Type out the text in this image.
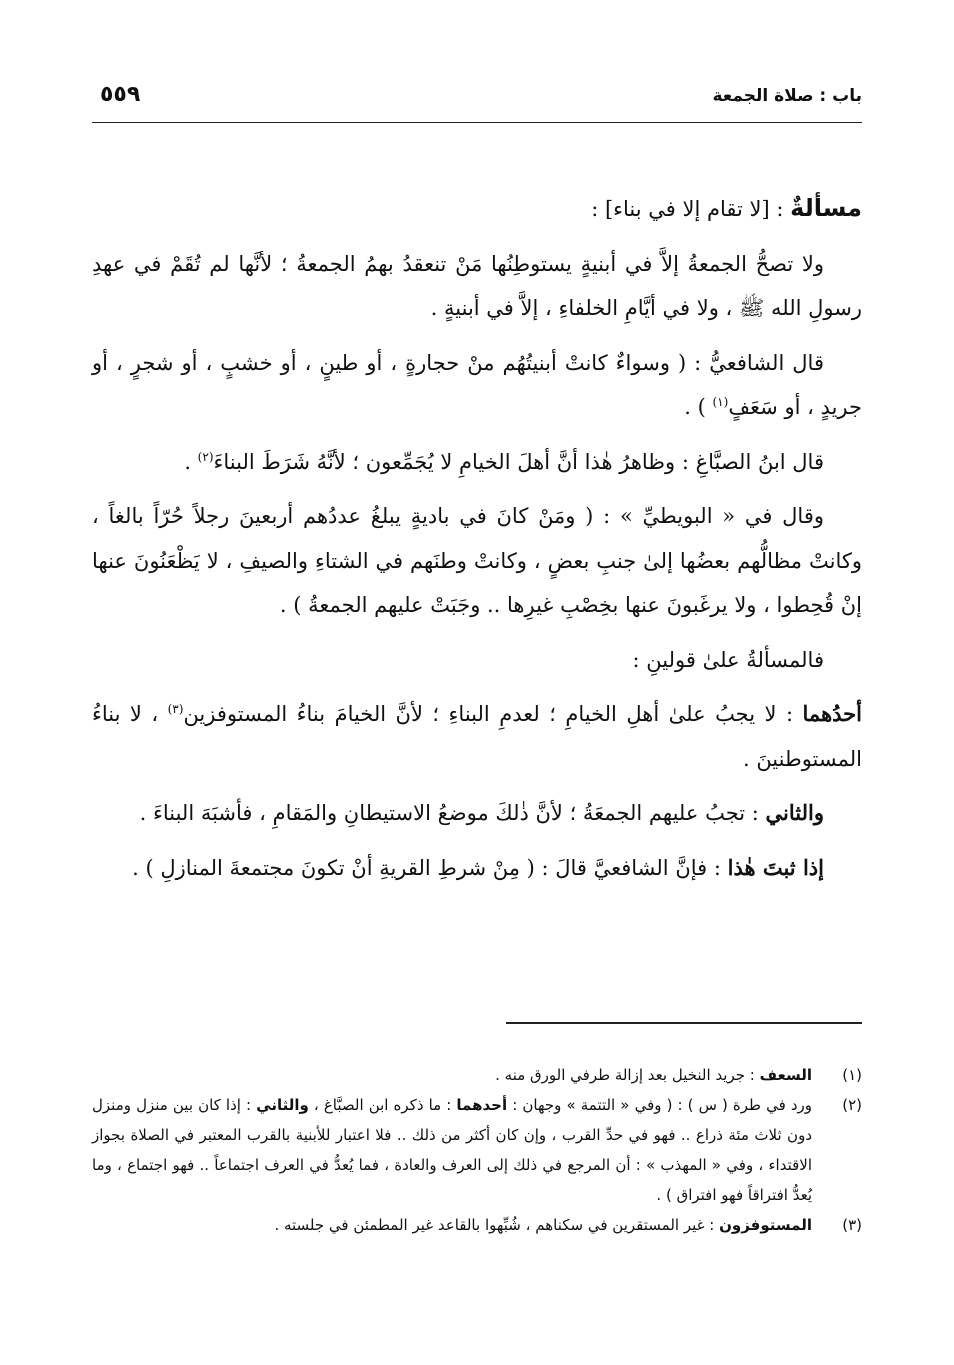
باب : صلاة الجمعة
٥٥٩

مسألةٌ : [لا تقام إلا في بناء] :

ولا تصحُّ الجمعةُ إلاَّ في أبنيةٍ يستوطِنُها مَنْ تنعقدُ بهمُ الجمعةُ ؛ لأنَّها لم تُقَمْ في عهدِ رسولِ الله ﷺ ، ولا في أيَّامِ الخلفاءِ ، إلاَّ في أبنيةٍ .

قال الشافعيُّ : ( وسواءٌ كانتْ أبنيتُهُم منْ حجارةٍ ، أو طينٍ ، أو خشبٍ ، أو شجرٍ ، أو جريدٍ ، أو سَعَفٍ$^{(١)}$ ) .

قال ابنُ الصبَّاغِ : وظاهرُ هٰذا أنَّ أهلَ الخيامِ لا يُجَمِّعون ؛ لأنَّهُ شَرَطَ البناءَ$^{(٢)}$ .

وقال في « البويطيِّ » : ( ومَنْ كانَ في باديةٍ يبلغُ عددُهم أربعينَ رجلاً حُرّاً بالغاً ، وكانتْ مظالُّهم بعضُها إلىٰ جنبِ بعضٍ ، وكانتْ وطنَهم في الشتاءِ والصيفِ ، لا يَظْعَنُونَ عنها إنْ قُحِطوا ، ولا يرغَبونَ عنها بخِصْبِ غيرِها .. وجَبَتْ عليهم الجمعةُ ) .

فالمسألةُ علىٰ قولينِ :

أحدُهما : لا يجبُ علىٰ أهلِ الخيامِ ؛ لعدمِ البناءِ ؛ لأنَّ الخيامَ بناءُ المستوفزين$^{(٣)}$ ، لا بناءُ المستوطنينَ .

والثاني : تجبُ عليهم الجمعَةُ ؛ لأنَّ ذٰلكَ موضعُ الاستيطانِ والمَقامِ ، فأشبَهَ البناءَ .

إذا ثبتَ هٰذا : فإنَّ الشافعيَّ قالَ : ( مِنْ شرطِ القريةِ أنْ تكونَ مجتمعةَ المنازلِ ) .

(١)
السعف : جريد النخيل بعد إزالة طرفي الورق منه .
(٢)
ورد في طرة ( س ) : ( وفي « التتمة » وجهان : أحدهما : ما ذكره ابن الصبَّاغ ، والثاني : إذا كان بين منزل ومنزل دون ثلاث مئة ذراع .. فهو في حدِّ القرب ، وإن كان أكثر من ذلك .. فلا اعتبار للأبنية بالقرب المعتبر في الصلاة بجواز الاقتداء ، وفي « المهذب » : أن المرجع في ذلك إلى العرف والعادة ، فما يُعدُّ في العرف اجتماعاً .. فهو اجتماع ، وما يُعدُّ افتراقاً فهو افتراق ) .
(٣)
المستوفزون : غير المستقرين في سكناهم ، شُبِّهوا بالقاعد غير المطمئن في جلسته .
